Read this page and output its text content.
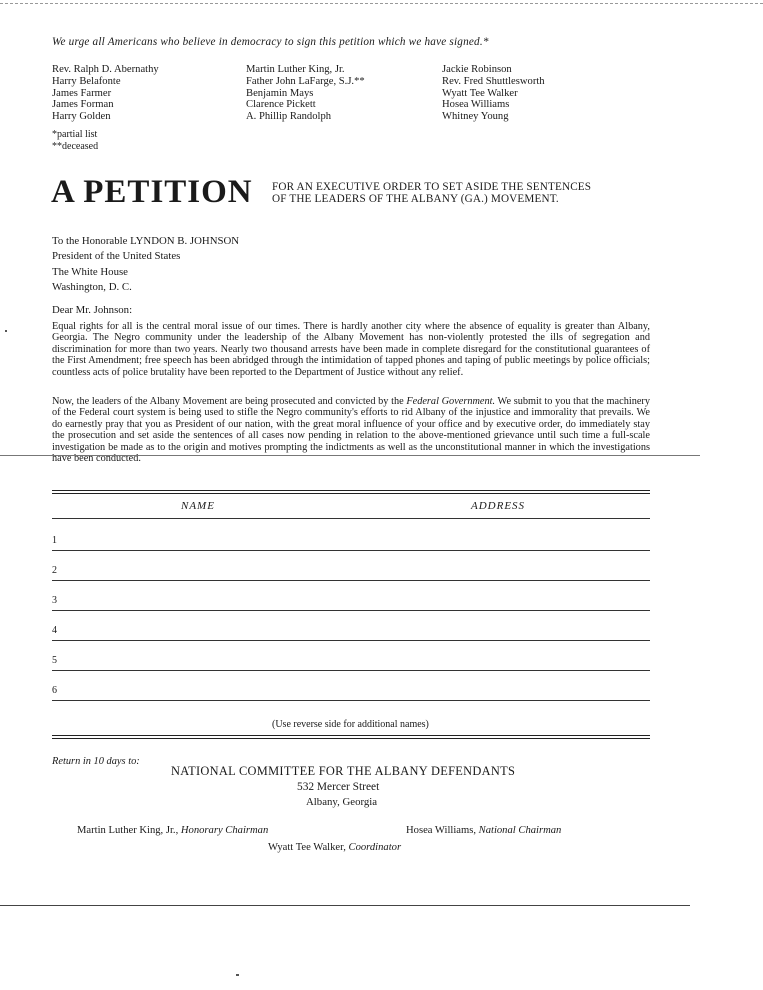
We urge all Americans who believe in democracy to sign this petition which we have signed.*
Rev. Ralph D. Abernathy
Harry Belafonte
James Farmer
James Forman
Harry Golden
Martin Luther King, Jr.
Father John LaFarge, S.J.**
Benjamin Mays
Clarence Pickett
A. Phillip Randolph
Jackie Robinson
Rev. Fred Shuttlesworth
Wyatt Tee Walker
Hosea Williams
Whitney Young
*partial list
**deceased
A PETITION FOR AN EXECUTIVE ORDER TO SET ASIDE THE SENTENCES
OF THE LEADERS OF THE ALBANY (GA.) MOVEMENT.
To the Honorable LYNDON B. JOHNSON
President of the United States
The White House
Washington, D. C.
Dear Mr. Johnson:
Equal rights for all is the central moral issue of our times. There is hardly another city where the absence of equality is greater than Albany, Georgia. The Negro community under the leadership of the Albany Movement has non-violently protested the ills of segregation and discrimination for more than two years. Nearly two thousand arrests have been made in complete disregard for the constitutional guarantees of the First Amendment; free speech has been abridged through the intimidation of tapped phones and taping of public meetings by police officials; countless acts of police brutality have been reported to the Department of Justice without any relief.
Now, the leaders of the Albany Movement are being prosecuted and convicted by the Federal Government. We submit to you that the machinery of the Federal court system is being used to stifle the Negro community's efforts to rid Albany of the injustice and immorality that prevails. We do earnestly pray that you as President of our nation, with the great moral influence of your office and by executive order, do immediately stay the prosecution and set aside the sentences of all cases now pending in relation to the above-mentioned grievance until such time a full-scale investigation be made as to the origin and motives prompting the indictments as well as the unconstitutional manner in which the investigations have been conducted.
NAME	ADDRESS
1
2
3
4
5
6
(Use reverse side for additional names)
Return in 10 days to:
NATIONAL COMMITTEE FOR THE ALBANY DEFENDANTS
532 Mercer Street
Albany, Georgia
Martin Luther King, Jr., Honorary Chairman	Hosea Williams, National Chairman
Wyatt Tee Walker, Coordinator
